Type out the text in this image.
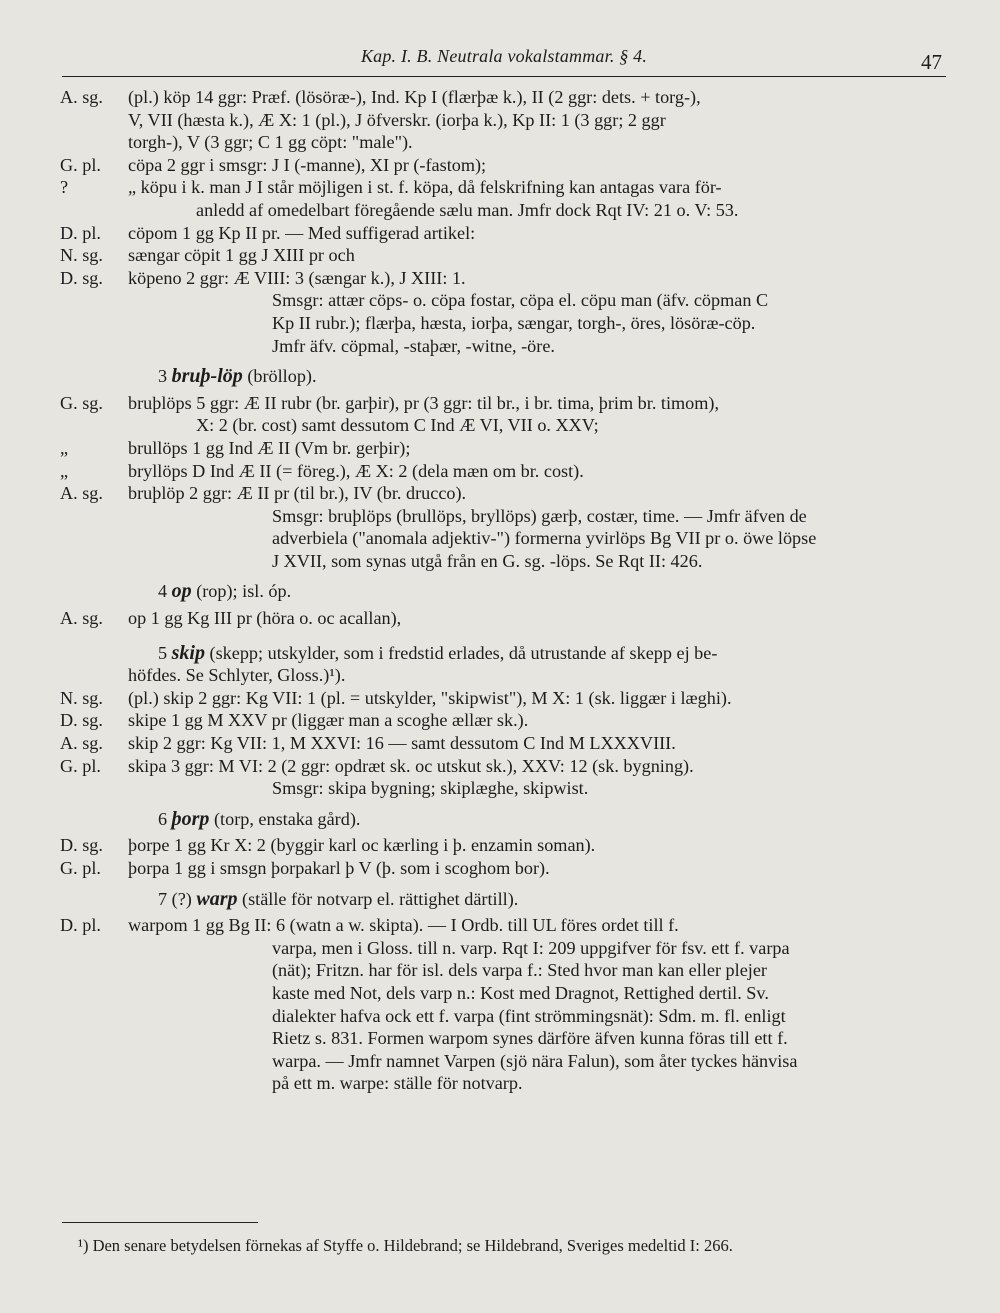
Kap. I. B. Neutrala vokalstammar. § 4.	47
A. sg.	(pl.) köp 14 ggr: Præf. (lösöræ-), Ind. Kp I (flærþæ k.), II (2 ggr: dets. + torg-),
V, VII (hæsta k.), Æ X: 1 (pl.), J öfverskr. (iorþa k.), Kp II: 1 (3 ggr; 2 ggr
torgh-), V (3 ggr; C 1 gg cöpt: "male").
G. pl.	cöpa 2 ggr i smsgr: J I (-manne), XI pr (-fastom);
?	„ köpu i k. man J I står möjligen i st. f. köpa, då felskrifning kan antagas vara för-
anledd af omedelbart föregående sælu man. Jmfr dock Rqt IV: 21 o. V: 53.
D. pl.	cöpom 1 gg Kp II pr. — Med suffigerad artikel:
N. sg.	sængar cöpit 1 gg J XIII pr och
D. sg.	köpeno 2 ggr: Æ VIII: 3 (sængar k.), J XIII: 1.
Smsgr: attær cöps- o. cöpa fostar, cöpa el. cöpu man (äfv. cöpman C
Kp II rubr.); flærþa, hæsta, iorþa, sængar, torgh-, öres, lösöræ-cöp.
Jmfr äfv. cöpmal, -staþær, -witne, -öre.
3 bruþ-löp (bröllop).
G. sg.	bruþlöps 5 ggr: Æ II rubr (br. garþir), pr (3 ggr: til br., i br. tima, þrim br. timom),
X: 2 (br. cost) samt dessutom C Ind Æ VI, VII o. XXV;
„	brullöps 1 gg Ind Æ II (Vm br. gerþir);
„	bryllöps D Ind Æ II (= föreg.), Æ X: 2 (dela mæn om br. cost).
A. sg.	bruþlöp 2 ggr: Æ II pr (til br.), IV (br. drucco).
Smsgr: bruþlöps (brullöps, bryllöps) gærþ, costær, time. — Jmfr äfven de
adverbiela ("anomala adjektiv-") formerna yvirlöps Bg VII pr o. öwe löpse
J XVII, som synas utgå från en G. sg. -löps. Se Rqt II: 426.
4 op (rop); isl. óp.
A. sg.	op 1 gg Kg III pr (höra o. oc acallan),
5 skip (skepp; utskylder, som i fredstid erlades, då utrustande af skepp ej be-
höfdes. Se Schlyter, Gloss.)¹).
N. sg.	(pl.) skip 2 ggr: Kg VII: 1 (pl. = utskylder, "skipwist"), M X: 1 (sk. liggær i læghi).
D. sg.	skipe 1 gg M XXV pr (liggær man a scoghe ællær sk.).
A. sg.	skip 2 ggr: Kg VII: 1, M XXVI: 16 — samt dessutom C Ind M LXXXVIII.
G. pl.	skipa 3 ggr: M VI: 2 (2 ggr: opdræt sk. oc utskut sk.), XXV: 12 (sk. bygning).
Smsgr: skipa bygning; skiplæghe, skipwist.
6 þorp (torp, enstaka gård).
D. sg.	þorpe 1 gg Kr X: 2 (byggir karl oc kærling i þ. enzamin soman).
G. pl.	þorpa 1 gg i smsgn þorpakarl þ V (þ. som i scoghom bor).
7 (?) warp (ställe för notvarp el. rättighet därtill).
D. pl.	warpom 1 gg Bg II: 6 (watn a w. skipta). — I Ordb. till UL föres ordet till f.
varpa, men i Gloss. till n. varp. Rqt I: 209 uppgifver för fsv. ett f. varpa
(nät); Fritzn. har för isl. dels varpa f.: Sted hvor man kan eller plejer
kaste med Not, dels varp n.: Kost med Dragnot, Rettighed dertil. Sv.
dialekter hafva ock ett f. varpa (fint strömmingsnät): Sdm. m. fl. enligt
Rietz s. 831. Formen warpom synes därföre äfven kunna föras till ett f.
warpa. — Jmfr namnet Varpen (sjö nära Falun), som åter tyckes hänvisa
på ett m. warpe: ställe för notvarp.
¹) Den senare betydelsen förnekas af Styffe o. Hildebrand; se Hildebrand, Sveriges medeltid I: 266.
